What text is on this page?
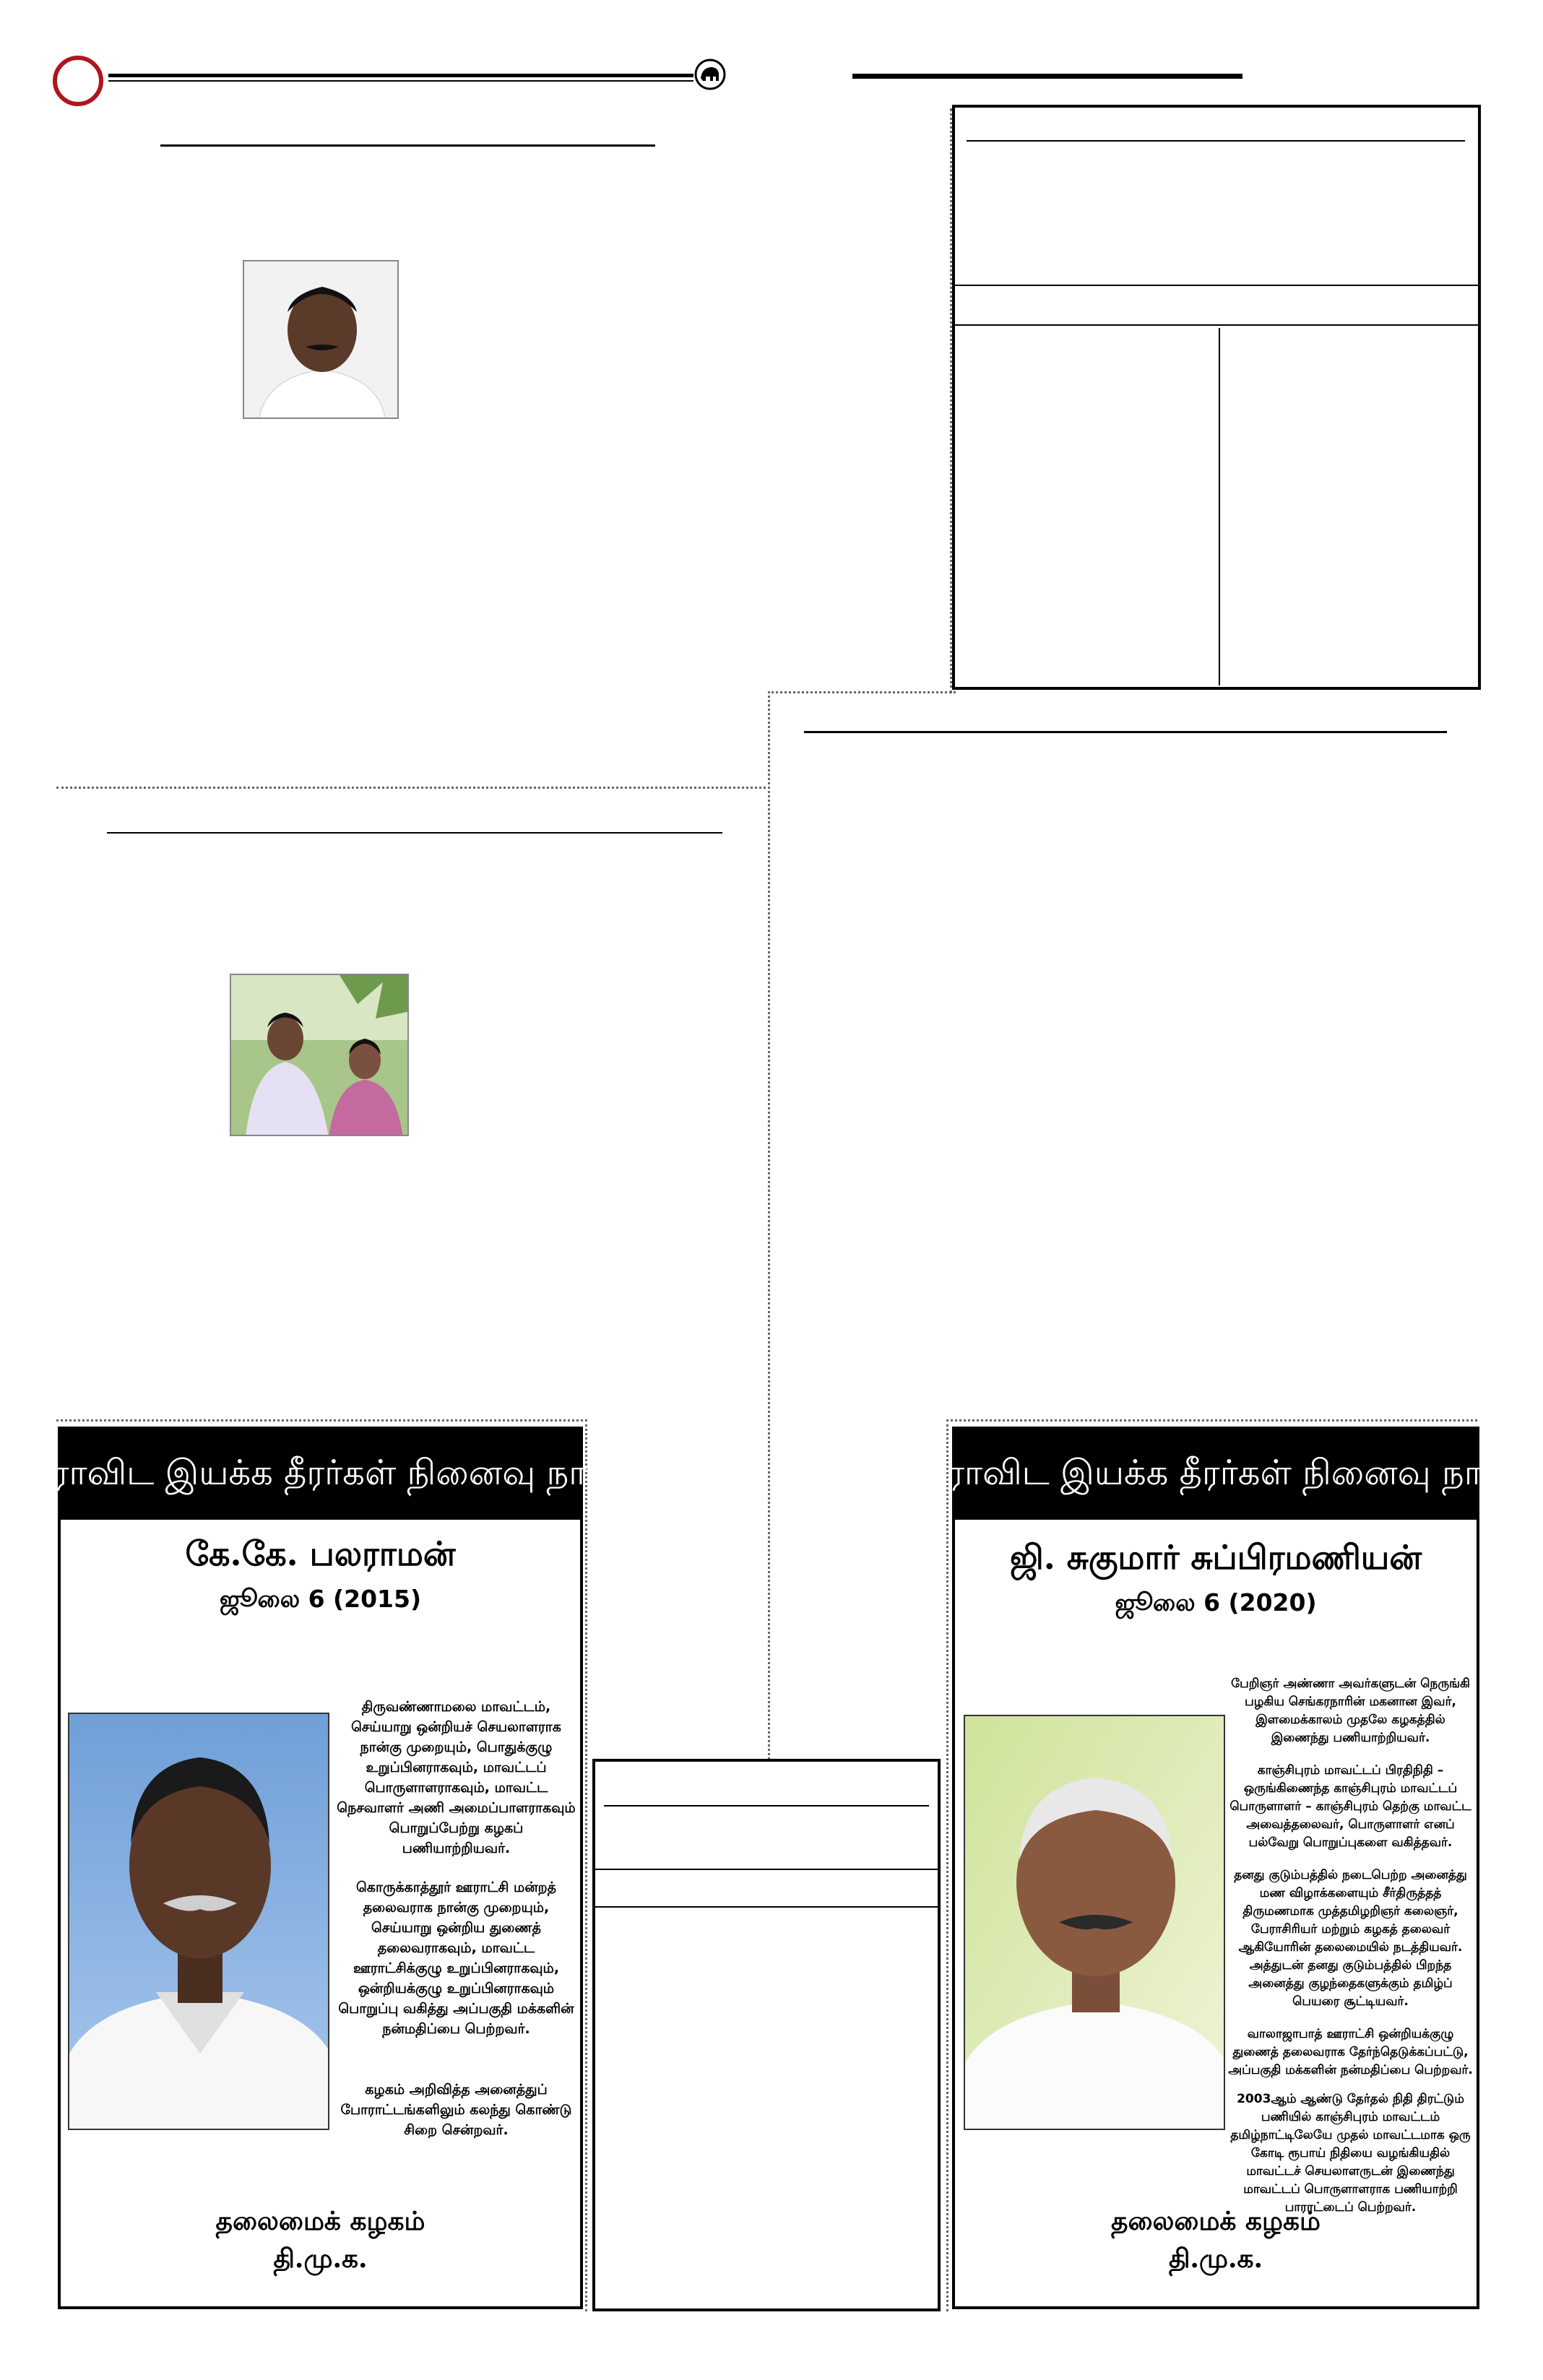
திராவிட இயக்க தீரர்கள் நினைவு நாள்
கே.கே. பலராமன்
ஜூலை 6 (2015)
திருவண்ணாமலை மாவட்டம், செய்யாறு ஒன்றியச் செயலாளராக நான்கு முறையும், பொதுக்குழு உறுப்பினராகவும், மாவட்டப் பொருளாளராகவும், மாவட்ட நெசவாளர் அணி அமைப்பாளராகவும் பொறுப்பேற்று கழகப் பணியாற்றியவர்.
கொருக்காத்தூர் ஊராட்சி மன்றத் தலைவராக நான்கு முறையும், செய்யாறு ஒன்றிய துணைத் தலைவராகவும், மாவட்ட ஊராட்சிக்குழு உறுப்பினராகவும், ஒன்றியக்குழு உறுப்பினராகவும் பொறுப்பு வகித்து அப்பகுதி மக்களின் நன்மதிப்பை பெற்றவர்.
கழகம் அறிவித்த அனைத்துப் போராட்டங்களிலும் கலந்து கொண்டு சிறை சென்றவர்.
தலைமைக் கழகம்
தி.மு.க.
திராவிட இயக்க தீரர்கள் நினைவு நாள்
ஜி. சுகுமார் சுப்பிரமணியன்
ஜூலை 6 (2020)
பேறிஞர் அண்ணா அவர்களுடன் நெருங்கி பழகிய செங்கரநாரின் மகனான இவர், இளமைக்காலம் முதலே கழகத்தில் இணைந்து பணியாற்றியவர்.
காஞ்சிபுரம் மாவட்டப் பிரதிநிதி – ஒருங்கிணைந்த காஞ்சிபுரம் மாவட்டப் பொருளாளர் – காஞ்சிபுரம் தெற்கு மாவட்ட அவைத்தலைவர், பொருளாளர் எனப் பல்வேறு பொறுப்புகளை வகித்தவர்.
தனது குடும்பத்தில் நடைபெற்ற அனைத்து மண விழாக்களையும் சீர்திருத்தத் திருமணமாக முத்தமிழறிஞர் கலைஞர், பேராசிரியர் மற்றும் கழகத் தலைவர் ஆகியோரின் தலைமையில் நடத்தியவர். அத்துடன் தனது குடும்பத்தில் பிறந்த அனைத்து குழந்தைகளுக்கும் தமிழ்ப் பெயரை சூட்டியவர்.
வாலாஜாபாத் ஊராட்சி ஒன்றியக்குழு துணைத் தலைவராக தேர்ந்தெடுக்கப்பட்டு, அப்பகுதி மக்களின் நன்மதிப்பை பெற்றவர்.
2003ஆம் ஆண்டு தேர்தல் நிதி திரட்டும் பணியில் காஞ்சிபுரம் மாவட்டம் தமிழ்நாட்டிலேயே முதல் மாவட்டமாக ஒரு கோடி ரூபாய் நிதியை வழங்கியதில் மாவட்டச் செயலாளருடன் இணைந்து மாவட்டப் பொருளாளராக பணியாற்றி பாராட்டைப் பெற்றவர்.
தலைமைக் கழகம்
தி.மு.க.
